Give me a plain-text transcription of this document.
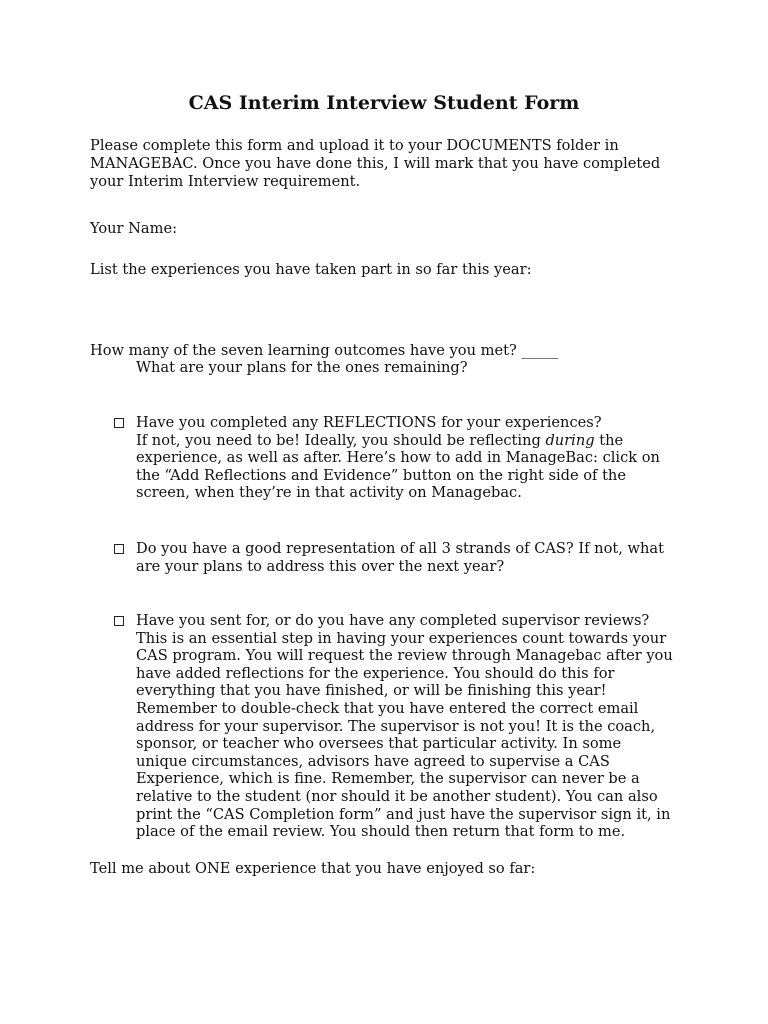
CAS Interim Interview Student Form
Please complete this form and upload it to your DOCUMENTS folder in MANAGEBAC. Once you have done this, I will mark that you have completed your Interim Interview requirement.
Your Name:
List the experiences you have taken part in so far this year:
How many of the seven learning outcomes have you met? _____
What are your plans for the ones remaining?
Have you completed any REFLECTIONS for your experiences?
If not, you need to be! Ideally, you should be reflecting during the experience, as well as after. Here’s how to add in ManageBac: click on the “Add Reflections and Evidence” button on the right side of the screen, when they’re in that activity on Managebac.
Do you have a good representation of all 3 strands of CAS? If not, what are your plans to address this over the next year?
Have you sent for, or do you have any completed supervisor reviews?
This is an essential step in having your experiences count towards your CAS program. You will request the review through Managebac after you have added reflections for the experience. You should do this for everything that you have finished, or will be finishing this year! Remember to double-check that you have entered the correct email address for your supervisor. The supervisor is not you! It is the coach, sponsor, or teacher who oversees that particular activity. In some unique circumstances, advisors have agreed to supervise a CAS Experience, which is fine. Remember, the supervisor can never be a relative to the student (nor should it be another student). You can also print the “CAS Completion form” and just have the supervisor sign it, in place of the email review. You should then return that form to me.
Tell me about ONE experience that you have enjoyed so far:
